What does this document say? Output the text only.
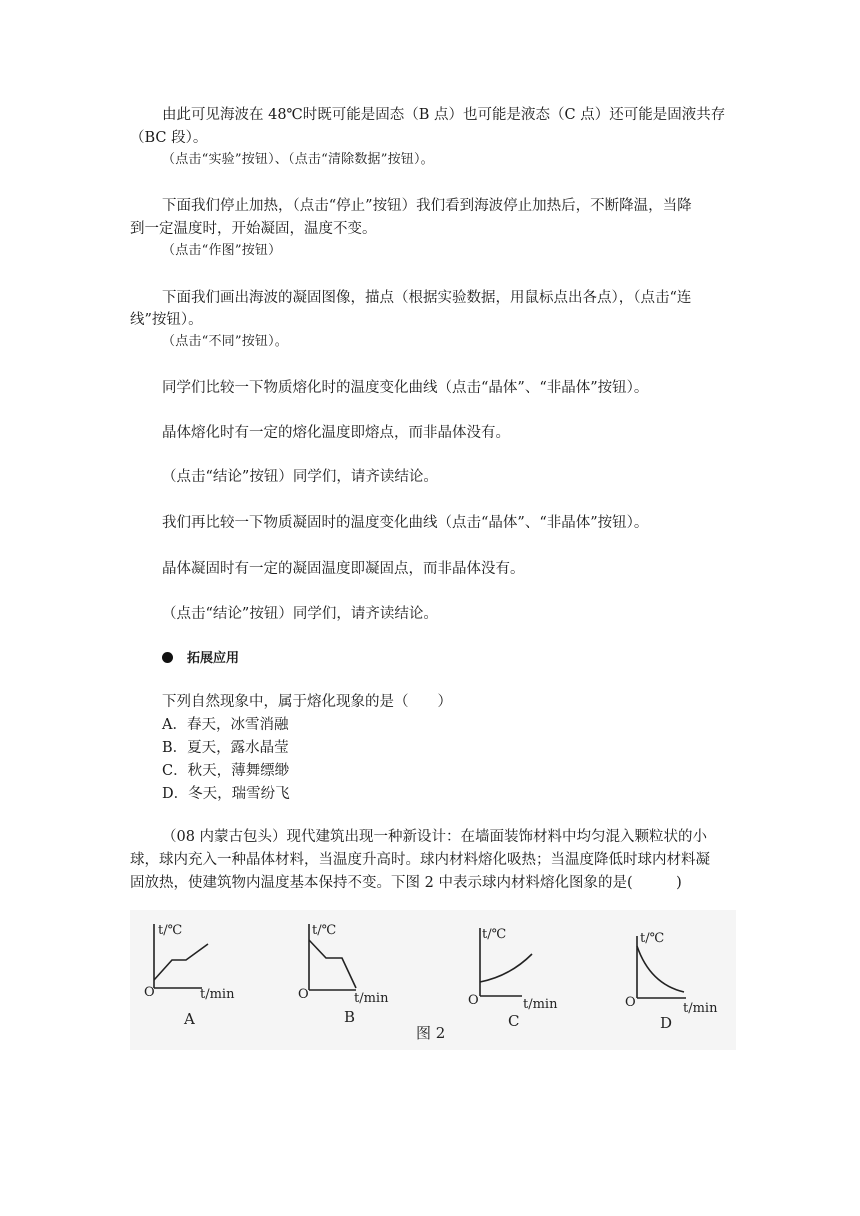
由此可见海波在 48℃时既可能是固态（B 点）也可能是液态（C 点）还可能是固液共存
（BC 段）。
（点击“实验”按钮）、（点击“清除数据”按钮）。
下面我们停止加热，（点击“停止”按钮）我们看到海波停止加热后，不断降温，当降
到一定温度时，开始凝固，温度不变。
（点击“作图”按钮）
下面我们画出海波的凝固图像，描点（根据实验数据，用鼠标点出各点），（点击“连
线”按钮）。
（点击“不同”按钮）。
同学们比较一下物质熔化时的温度变化曲线（点击“晶体”、“非晶体”按钮）。
晶体熔化时有一定的熔化温度即熔点，而非晶体没有。
（点击“结论”按钮）同学们，请齐读结论。
我们再比较一下物质凝固时的温度变化曲线（点击“晶体”、“非晶体”按钮）。
晶体凝固时有一定的凝固温度即凝固点，而非晶体没有。
（点击“结论”按钮）同学们，请齐读结论。
拓展应用
下列自然现象中，属于熔化现象的是（　　）
A．春天，冰雪消融
B．夏天，露水晶莹
C．秋天，薄舞缥缈
D．冬天，瑞雪纷飞
（08 内蒙古包头）现代建筑出现一种新设计：在墙面装饰材料中均匀混入颗粒状的小
球，球内充入一种晶体材料，当温度升高时。球内材料熔化吸热；当温度降低时球内材料凝
固放热，使建筑物内温度基本保持不变。下图 2 中表示球内材料熔化图象的是(　　　)
t/℃
O	t/min
A
t/℃
O	t/min
B
t/℃
O	t/min
C
t/℃
O	t/min
D
图 2
